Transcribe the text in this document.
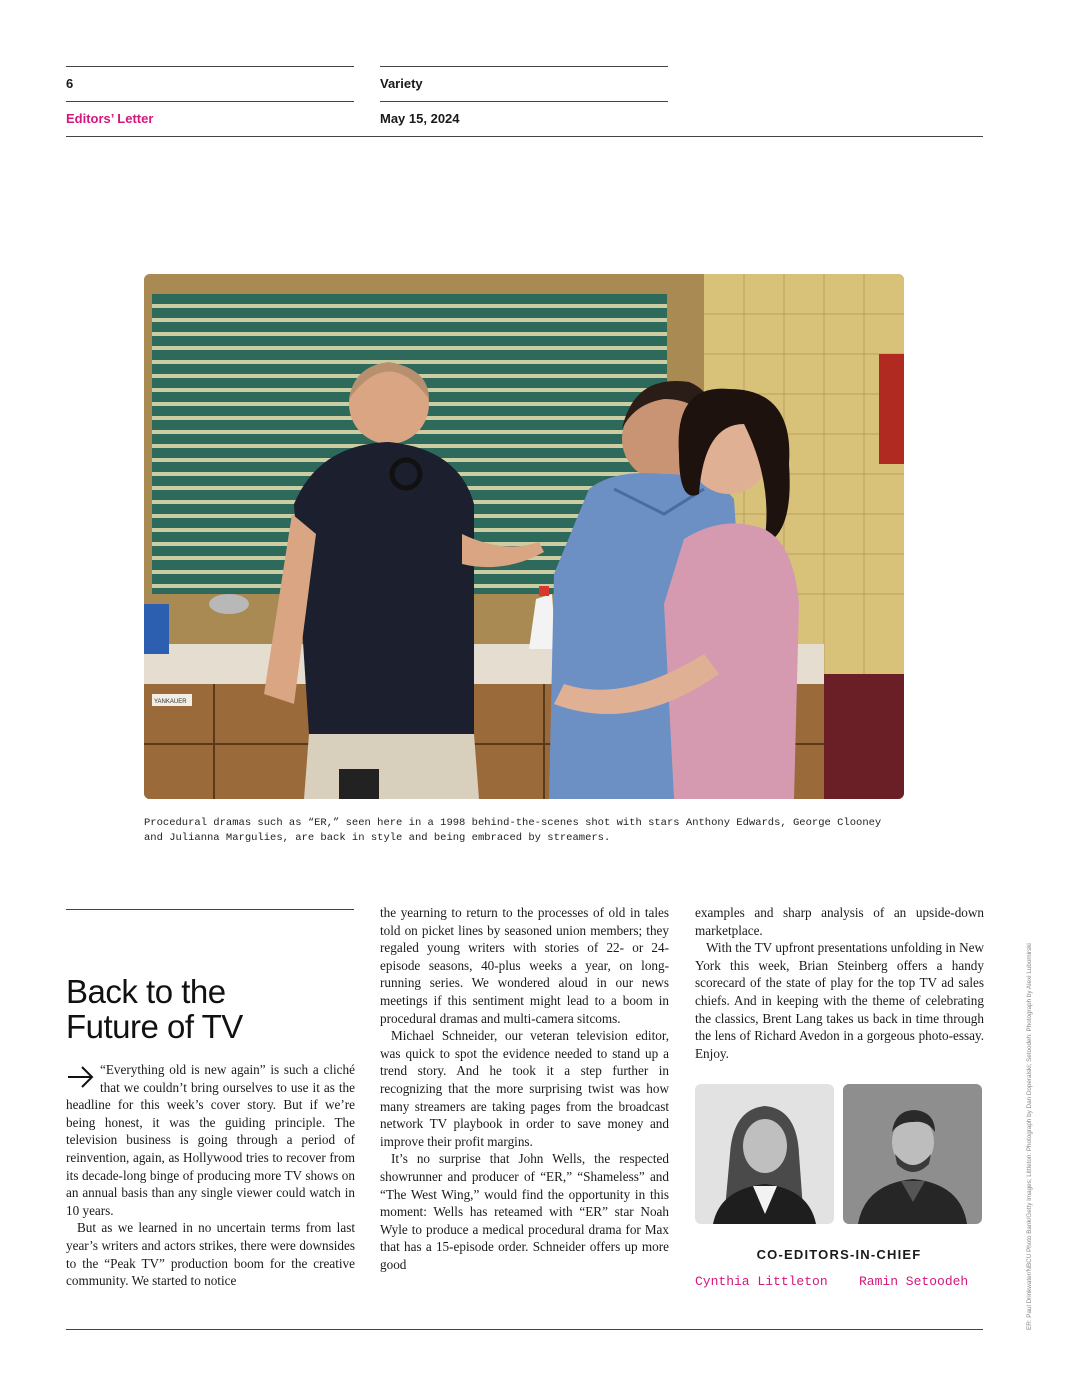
6	Variety
Editors’ Letter	May 15, 2024
YANKAUER
Procedural dramas such as “ER,” seen here in a 1998 behind-the-scenes shot with stars Anthony Edwards, George Clooney and Julianna Margulies, are back in style and being embraced by streamers.
Back to the
Future of TV

“Everything old is new again” is such a cliché that we couldn’t bring ourselves to use it as the headline for this week’s cover story. But if we’re being honest, it was the guiding principle. The television business is going through a period of reinvention, again, as Hollywood tries to recover from its decade-long binge of producing more TV shows on an annual basis than any single viewer could watch in 10 years.

But as we learned in no uncertain terms from last year’s writers and actors strikes, there were downsides to the “Peak TV” production boom for the creative community. We started to notice

the yearning to return to the processes of old in tales told on picket lines by seasoned union members; they regaled young writers with stories of 22- or 24-episode seasons, 40-plus weeks a year, on long-running series. We wondered aloud in our news meetings if this sentiment might lead to a boom in procedural dramas and multi-camera sitcoms.

Michael Schneider, our veteran television editor, was quick to spot the evidence needed to stand up a trend story. And he took it a step further in recognizing that the more surprising twist was how many streamers are taking pages from the broadcast network TV playbook in order to save money and improve their profit margins.

It’s no surprise that John Wells, the respected showrunner and producer of “ER,” “Shameless” and “The West Wing,” would find the opportunity in this moment: Wells has reteamed with “ER” star Noah Wyle to produce a medical procedural drama for Max that has a 15-episode order. Schneider offers up more good

examples and sharp analysis of an upside-down marketplace.

With the TV upfront presentations unfolding in New York this week, Brian Steinberg offers a handy scorecard of the state of play for the top TV ad sales chiefs. And in keeping with the theme of celebrating the classics, Brent Lang takes us back in time through the lens of Richard Avedon in a gorgeous photo-essay. Enjoy.

CO-EDITORS-IN-CHIEF
Cynthia Littleton Ramin Setoodeh	ER: Paul Drinkwater/NBCU Photo Bank/Getty Images; Littleton: Photograph by Dan Doperalski; Setoodeh: Photograph by Alexi Lubomirski
